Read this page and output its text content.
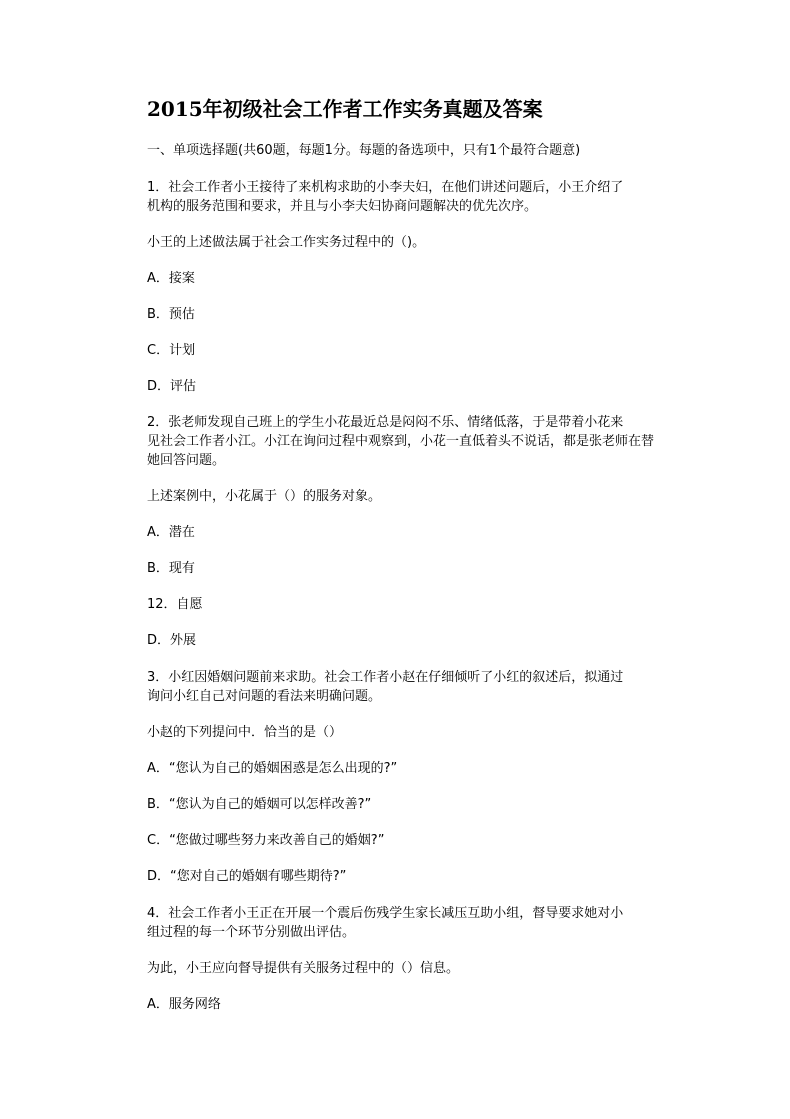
2015年初级社会工作者工作实务真题及答案
一、单项选择题(共60题，每题1分。每题的备选项中，只有1个最符合题意)
1．社会工作者小王接待了来机构求助的小李夫妇，在他们讲述问题后，小王介绍了
机构的服务范围和要求，并且与小李夫妇协商问题解决的优先次序。
小王的上述做法属于社会工作实务过程中的（)。
A．接案
B．预估
C．计划
D．评估
2．张老师发现自己班上的学生小花最近总是闷闷不乐、情绪低落，于是带着小花来
见社会工作者小江。小江在询问过程中观察到，小花一直低着头不说话，都是张老师在替
她回答问题。
上述案例中，小花属于（）的服务对象。
A．潜在
B．现有
12．自愿
D．外展
3．小红因婚姻问题前来求助。社会工作者小赵在仔细倾听了小红的叙述后，拟通过
询问小红自己对问题的看法来明确问题。
小赵的下列提问中．恰当的是（）
A．“您认为自己的婚姻困惑是怎么出现的?”
B．“您认为自己的婚姻可以怎样改善?”
C．“您做过哪些努力来改善自己的婚姻?”
D．“您对自己的婚姻有哪些期待?”
4．社会工作者小王正在开展一个震后伤残学生家长减压互助小组，督导要求她对小
组过程的每一个环节分别做出评估。
为此，小王应向督导提供有关服务过程中的（）信息。
A．服务网络
